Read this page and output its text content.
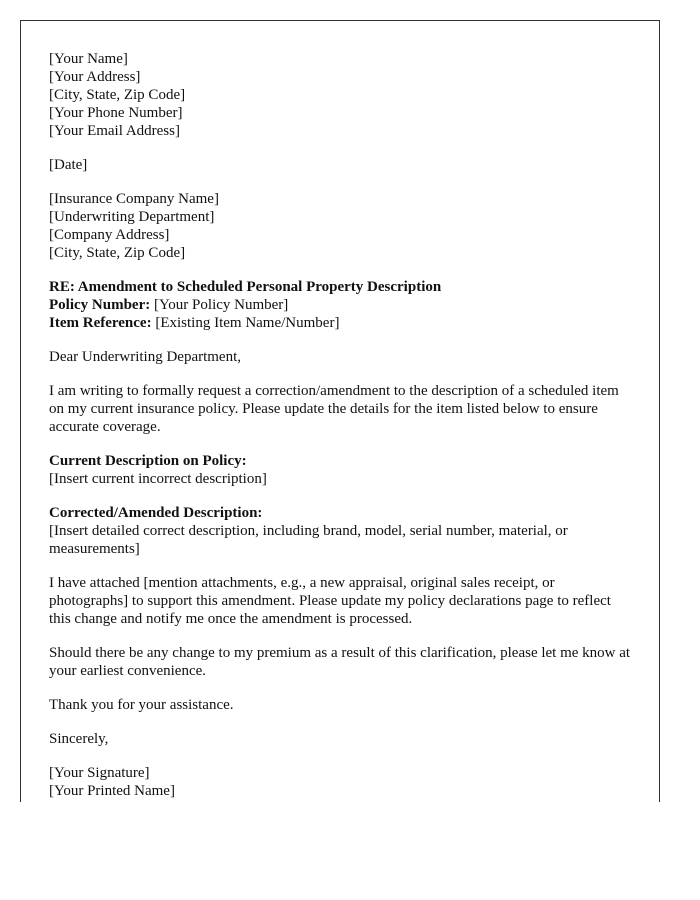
[Your Name]
[Your Address]
[City, State, Zip Code]
[Your Phone Number]
[Your Email Address]

[Date]

[Insurance Company Name]
[Underwriting Department]
[Company Address]
[City, State, Zip Code]

RE: Amendment to Scheduled Personal Property Description
Policy Number: [Your Policy Number]
Item Reference: [Existing Item Name/Number]

Dear Underwriting Department,

I am writing to formally request a correction/amendment to the description of a scheduled item on my current insurance policy. Please update the details for the item listed below to ensure accurate coverage.

Current Description on Policy:
[Insert current incorrect description]

Corrected/Amended Description:
[Insert detailed correct description, including brand, model, serial number, material, or measurements]

I have attached [mention attachments, e.g., a new appraisal, original sales receipt, or photographs] to support this amendment. Please update my policy declarations page to reflect this change and notify me once the amendment is processed.

Should there be any change to my premium as a result of this clarification, please let me know at your earliest convenience.

Thank you for your assistance.

Sincerely,

[Your Signature]
[Your Printed Name]
